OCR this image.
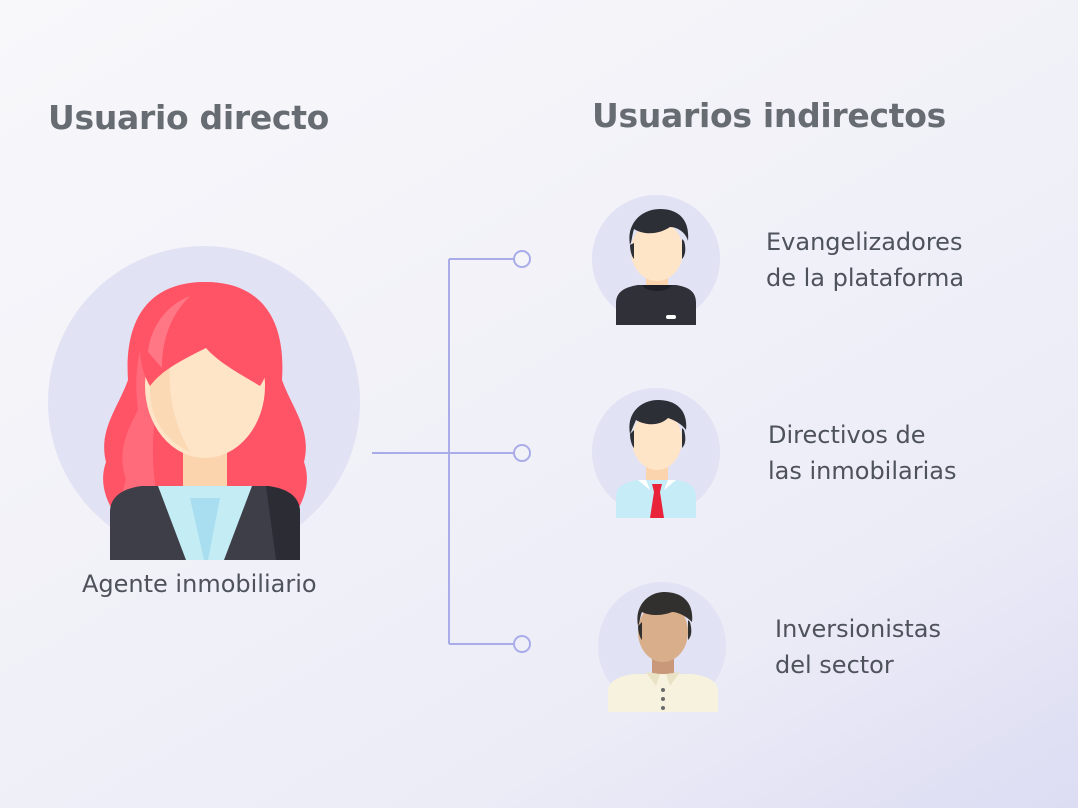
Usuario directo	Usuarios indirectos

Agente inmobiliario

Evangelizadores
de la plataforma

Directivos de
las inmobilarias

Inversionistas
del sector
